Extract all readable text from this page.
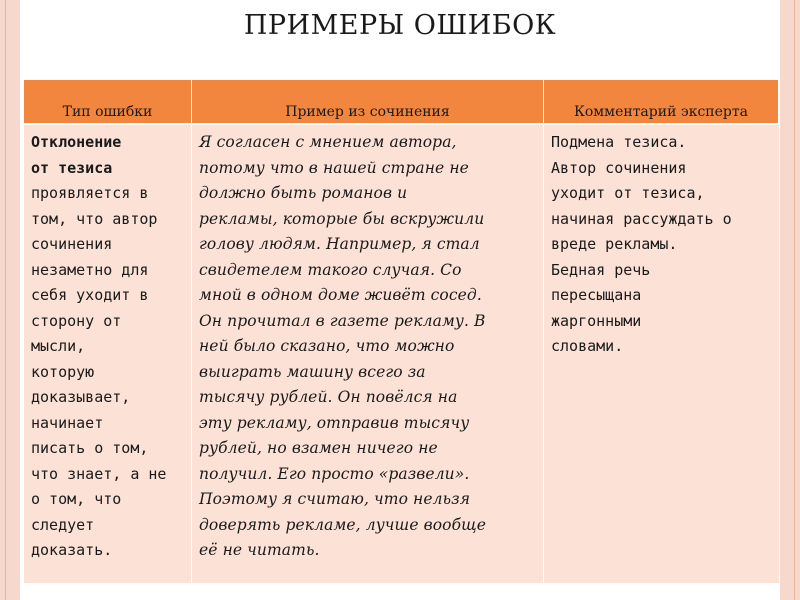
ПРИМЕРЫ ОШИБОК
Тип ошибки	Пример из сочинения	Комментарий эксперта
Отклонение
от тезиса
проявляется в
том, что автор
сочинения
незаметно для
себя уходит в
сторону от
мысли,
которую
доказывает,
начинает
писать о том,
что знает, а не
о том, что
следует
доказать.
Я согласен с мнением автора,
потому что в нашей стране не
должно быть романов и
рекламы, которые бы вскружили
голову людям. Например, я стал
свидетелем такого случая. Со
мной в одном доме живёт сосед.
Он прочитал в газете рекламу. В
ней было сказано, что можно
выиграть машину всего за
тысячу рублей. Он повёлся на
эту рекламу, отправив тысячу
рублей, но взамен ничего не
получил. Его просто «развели».
Поэтому я считаю, что нельзя
доверять рекламе, лучше вообще
её не читать.
Подмена тезиса.
Автор сочинения
уходит от тезиса,
начиная рассуждать о
вреде рекламы.
Бедная речь
пересыщана
жаргонными
словами.
